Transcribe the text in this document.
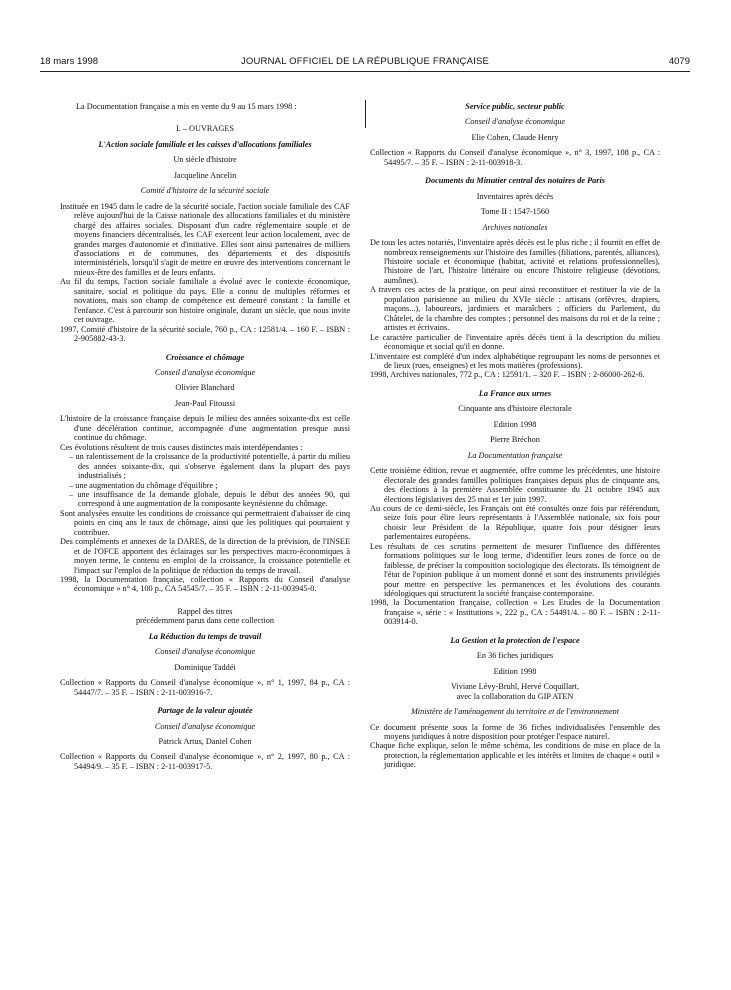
18 mars 1998	JOURNAL OFFICIEL DE LA RÉPUBLIQUE FRANÇAISE	4079

La Documentation française a mis en vente du 9 au 15 mars 1998 :

I. – OUVRAGES

L'Action sociale familiale et les caisses d'allocations familiales

Un siècle d'histoire

Jacqueline Ancelin

Comité d'histoire de la sécurité sociale

Instituée en 1945 dans le cadre de la sécurité sociale, l'action sociale familiale des CAF relève aujourd'hui de la Caisse nationale des allocations familiales et du ministère chargé des affaires sociales. Disposant d'un cadre réglementaire souple et de moyens financiers décentralisés, les CAF exercent leur action localement, avec de grandes marges d'autonomie et d'initiative. Elles sont ainsi partenaires de milliers d'associations et de communes, des départements et des dispositifs interministériels, lorsqu'il s'agit de mettre en œuvre des interventions concernant le mieux-être des familles et de leurs enfants.

Au fil du temps, l'action sociale familiale a évolué avec le contexte économique, sanitaire, social et politique du pays. Elle a connu de multiples réformes et novations, mais son champ de compétence est demeuré constant : la famille et l'enfance. C'est à parcourir son histoire originale, durant un siècle, que nous invite cet ouvrage.

1997, Comité d'histoire de la sécurité sociale, 760 p., CA : 12581/4. – 160 F. – ISBN : 2-905882-43-3.

Croissance et chômage

Conseil d'analyse économique

Olivier Blanchard

Jean-Paul Fitoussi

L'histoire de la croissance française depuis le milieu des années soixante-dix est celle d'une décélération continue, accompagnée d'une augmentation presque aussi continue du chômage.

Ces évolutions résultent de trois causes distinctes mais interdépendantes :

– un ralentissement de la croissance de la productivité potentielle, à partir du milieu des années soixante-dix, qui s'observe également dans la plupart des pays industrialisés ;

– une augmentation du chômage d'équilibre ;

– une insuffisance de la demande globale, depuis le début des années 90, qui correspond à une augmentation de la composante keynésienne du chômage.

Sont analysées ensuite les conditions de croissance qui permettraient d'abaisser de cinq points en cinq ans le taux de chômage, ainsi que les politiques qui pourraient y contribuer.

Des compléments et annexes de la DARES, de la direction de la prévision, de l'INSEE et de l'OFCE apportent des éclairages sur les perspectives macro-économiques à moyen terme, le contenu en emploi de la croissance, la croissance potentielle et l'impact sur l'emploi de la politique de réduction du temps de travail.

1998, la Documentation française, collection « Rapports du Conseil d'analyse économique » n° 4, 100 p., CA 54545/7. – 35 F. – ISBN : 2-11-003945-0.

Rappel des titres

précédemment parus dans cette collection

La Réduction du temps de travail

Conseil d'analyse économique

Dominique Taddéi

Collection « Rapports du Conseil d'analyse économique », n° 1, 1997, 84 p., CA : 54447/7. – 35 F. – ISBN : 2-11-003916-7.

Partage de la valeur ajoutée

Conseil d'analyse économique

Patrick Artus, Daniel Cohen

Collection « Rapports du Conseil d'analyse économique », n° 2, 1997, 80 p., CA : 54494/9. – 35 F. – ISBN : 2-11-003917-5.

Service public, secteur public

Conseil d'analyse économique

Elie Cohen, Claude Henry

Collection « Rapports du Conseil d'analyse économique », n° 3, 1997, 108 p., CA : 54495/7. – 35 F. – ISBN : 2-11-003918-3.

Documents du Minutier central des notaires de Paris

Inventaires après décès

Tome II : 1547-1560

Archives nationales

De tous les actes notariés, l'inventaire après décès est le plus riche ; il fournit en effet de nombreux renseignements sur l'histoire des familles (filiations, parentés, alliances), l'histoire sociale et économique (habitat, activité et relations professionnelles), l'histoire de l'art, l'histoire littéraire ou encore l'histoire religieuse (dévotions, aumônes).

A travers ces actes de la pratique, on peut ainsi reconstituer et restituer la vie de la population parisienne au milieu du XVIe siècle : artisans (orfèvres, drapiers, maçons...), laboureurs, jardiniers et maraîchers ; officiers du Parlement, du Châtelet, de la chambre des comptes ; personnel des maisons du roi et de la reine ; artistes et écrivains.

Le caractère particulier de l'inventaire après décès tient à la description du milieu économique et social qu'il en donne.

L'inventaire est complété d'un index alphabétique regroupant les noms de personnes et de lieux (rues, enseignes) et les mots matières (professions).

1998, Archives nationales, 772 p., CA : 12591/1. – 320 F. – ISBN : 2-86000-262-6.

La France aux urnes

Cinquante ans d'histoire électorale

Edition 1998

Pierre Bréchon

La Documentation française

Cette troisième édition, revue et augmentée, offre comme les précédentes, une histoire électorale des grandes familles politiques françaises depuis plus de cinquante ans, des élections à la première Assemblée constituante du 21 octobre 1945 aux élections législatives des 25 mai et 1er juin 1997.

Au cours de ce demi-siècle, les Français ont été consultés onze fois par référendum, seize fois pour élire leurs représentants à l'Assemblée nationale, six fois pour choisir leur Président de la République, quatre fois pour désigner leurs parlementaires européens.

Les résultats de ces scrutins permettent de mesurer l'influence des différentes formations politiques sur le long terme, d'identifier leurs zones de force ou de faiblesse, de préciser la composition sociologique des électorats. Ils témoignent de l'état de l'opinion publique à un moment donné et sont des instruments privilégiés pour mettre en perspective les permanences et les évolutions des courants idéologiques qui structurent la société française contemporaine.

1998, la Documentation française, collection « Les Etudes de la Documentation française », série : « Institutions », 222 p., CA : 54491/4. – 80 F. – ISBN : 2-11-003914-0.

La Gestion et la protection de l'espace

En 36 fiches juridiques

Edition 1998

Viviane Lévy-Bruhl, Hervé Coquillart,

avec la collaboration du GIP ATEN

Ministère de l'aménagement du territoire et de l'environnement

Ce document présente sous la forme de 36 fiches individualisées l'ensemble des moyens juridiques à notre disposition pour protéger l'espace naturel.

Chaque fiche explique, selon le même schéma, les conditions de mise en place de la protection, la réglementation applicable et les intérêts et limites de chaque « outil » juridique.
